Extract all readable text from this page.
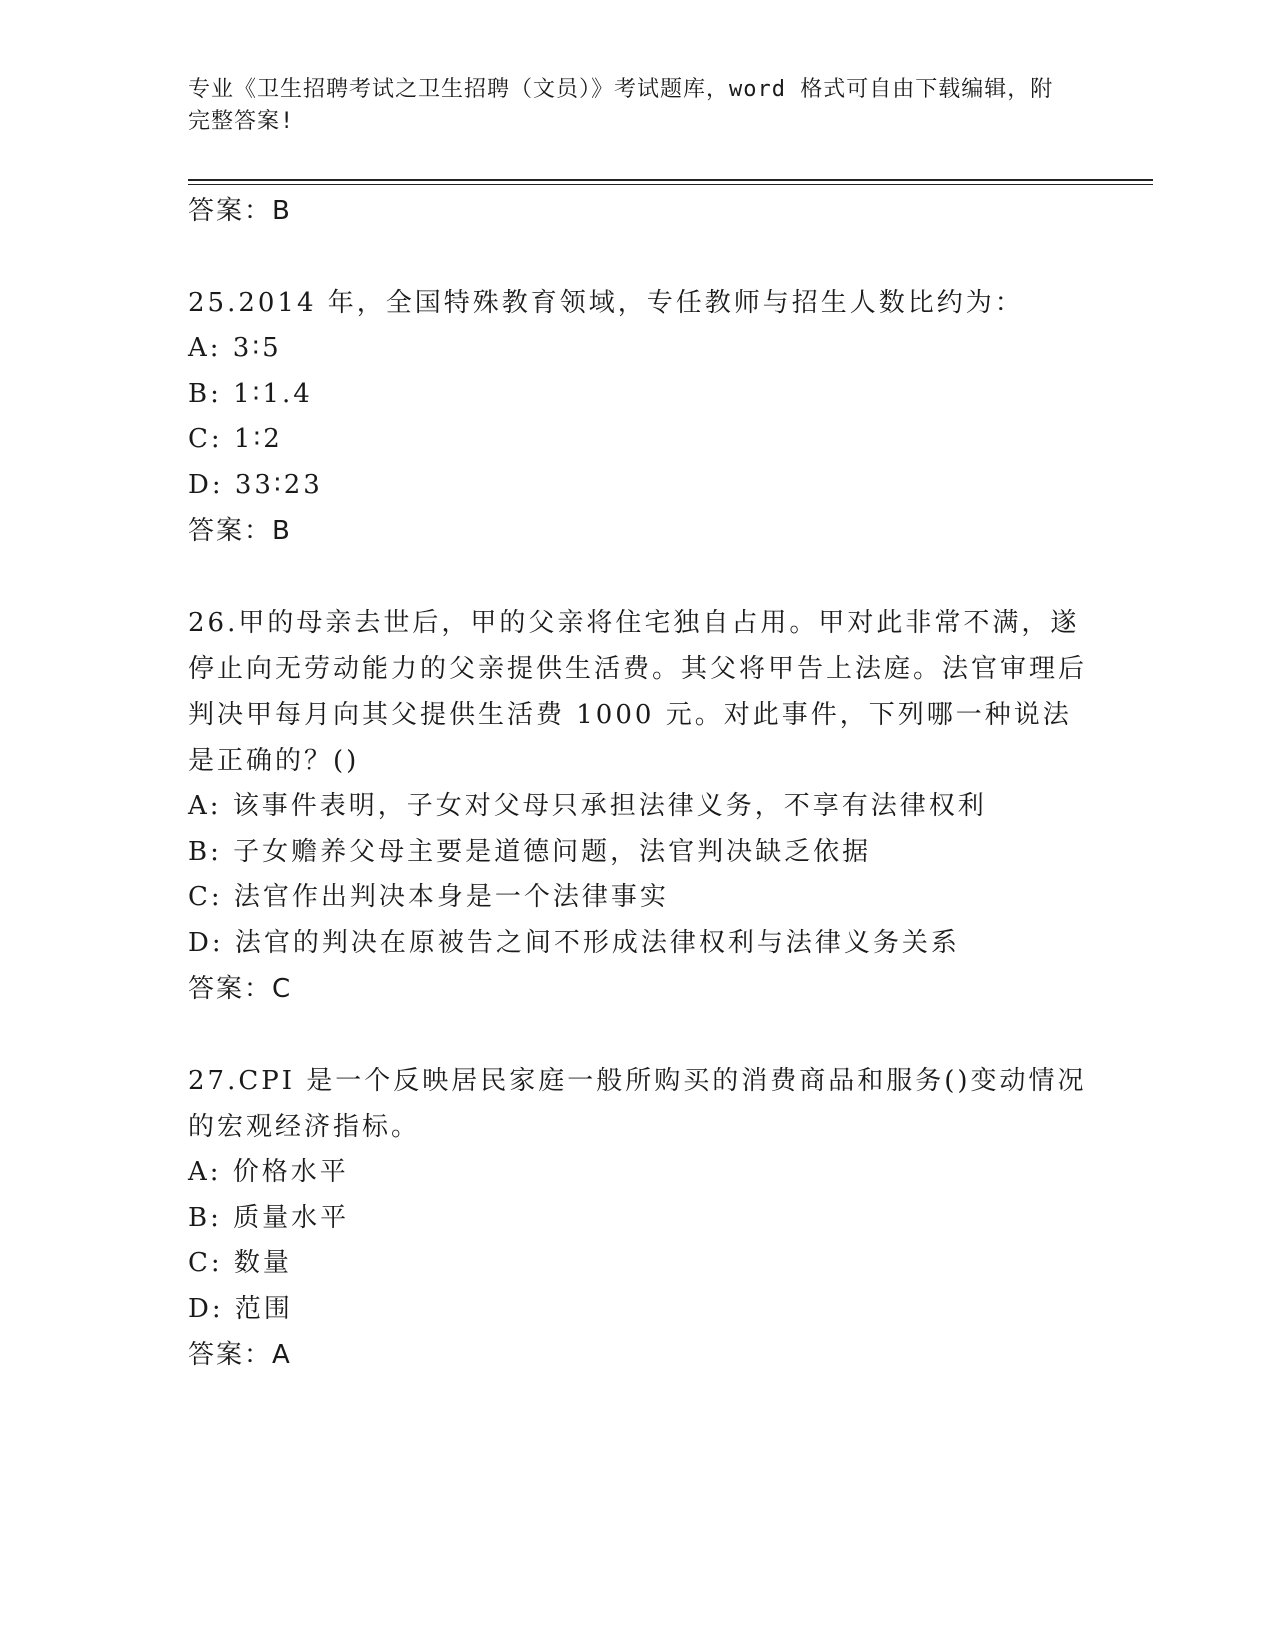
专业《卫生招聘考试之卫生招聘（文员）》考试题库，word 格式可自由下载编辑，附完整答案!

答案：B

25.2014 年，全国特殊教育领域，专任教师与招生人数比约为：

A: 3∶5

B: 1∶1.4

C: 1∶2

D: 33∶23

答案：B

26.甲的母亲去世后，甲的父亲将住宅独自占用。甲对此非常不满，遂停止向无劳动能力的父亲提供生活费。其父将甲告上法庭。法官审理后判决甲每月向其父提供生活费 1000 元。对此事件，下列哪一种说法是正确的？()

A: 该事件表明，子女对父母只承担法律义务，不享有法律权利

B: 子女赡养父母主要是道德问题，法官判决缺乏依据

C: 法官作出判决本身是一个法律事实

D: 法官的判决在原被告之间不形成法律权利与法律义务关系

答案：C

27.CPI 是一个反映居民家庭一般所购买的消费商品和服务()变动情况的宏观经济指标。

A: 价格水平

B: 质量水平

C: 数量

D: 范围

答案：A
